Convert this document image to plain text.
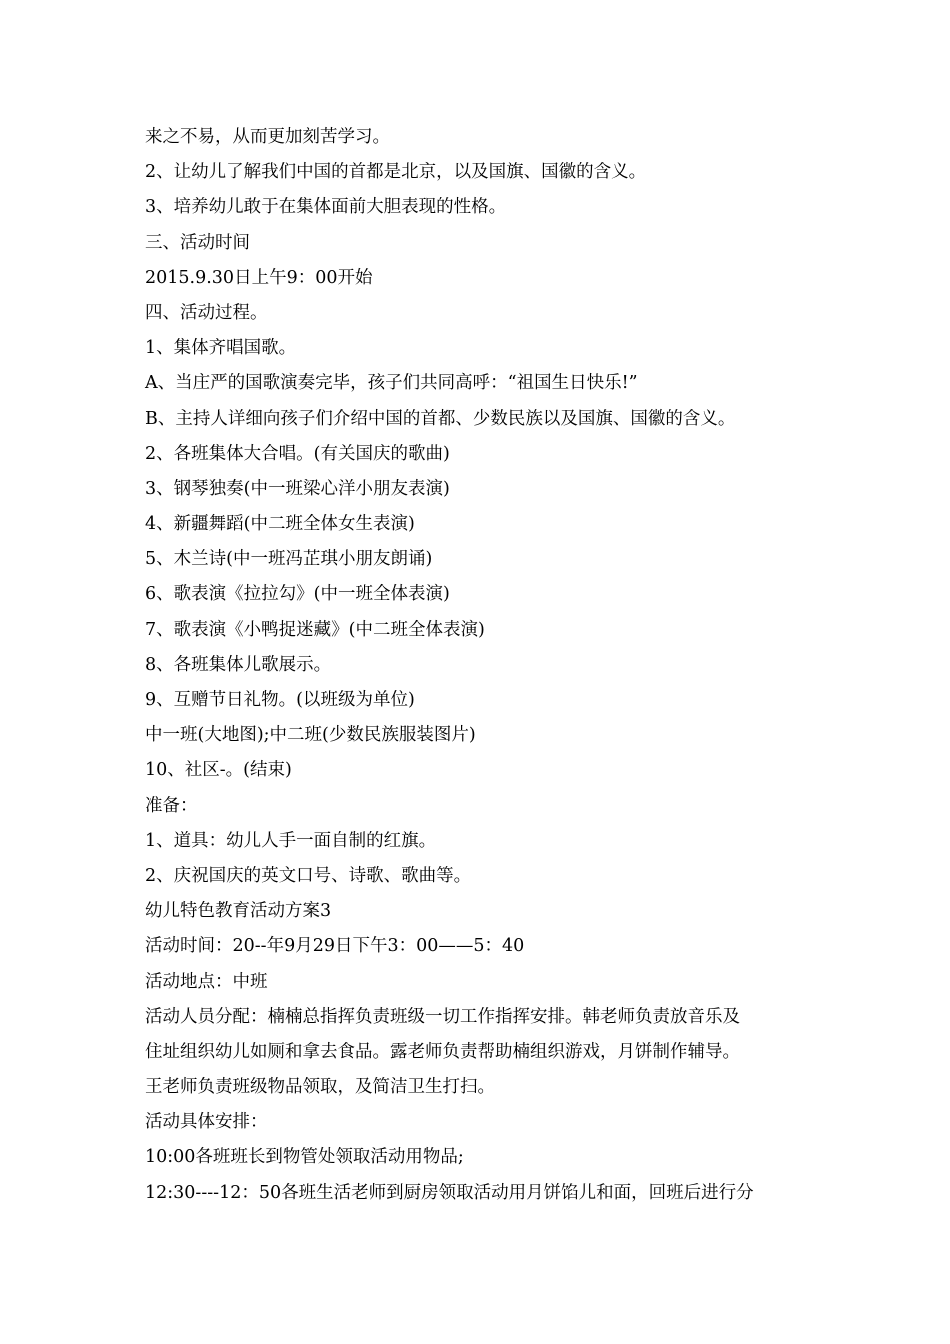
来之不易，从而更加刻苦学习。
2、让幼儿了解我们中国的首都是北京，以及国旗、国徽的含义。
3、培养幼儿敢于在集体面前大胆表现的性格。
三、活动时间
2015.9.30日上午9：00开始
四、活动过程。
1、集体齐唱国歌。
A、当庄严的国歌演奏完毕，孩子们共同高呼：“祖国生日快乐!”
B、主持人详细向孩子们介绍中国的首都、少数民族以及国旗、国徽的含义。
2、各班集体大合唱。(有关国庆的歌曲)
3、钢琴独奏(中一班梁心洋小朋友表演)
4、新疆舞蹈(中二班全体女生表演)
5、木兰诗(中一班冯芷琪小朋友朗诵)
6、歌表演《拉拉勾》(中一班全体表演)
7、歌表演《小鸭捉迷藏》(中二班全体表演)
8、各班集体儿歌展示。
9、互赠节日礼物。(以班级为单位)
中一班(大地图);中二班(少数民族服装图片)
10、社区-。(结束)
准备：
1、道具：幼儿人手一面自制的红旗。
2、庆祝国庆的英文口号、诗歌、歌曲等。
幼儿特色教育活动方案3
活动时间：20--年9月29日下午3：00——5：40
活动地点：中班
活动人员分配：楠楠总指挥负责班级一切工作指挥安排。韩老师负责放音乐及
住址组织幼儿如厕和拿去食品。露老师负责帮助楠组织游戏，月饼制作辅导。
王老师负责班级物品领取，及简洁卫生打扫。
活动具体安排：
10:00各班班长到物管处领取活动用物品;
12:30----12：50各班生活老师到厨房领取活动用月饼馅儿和面，回班后进行分
